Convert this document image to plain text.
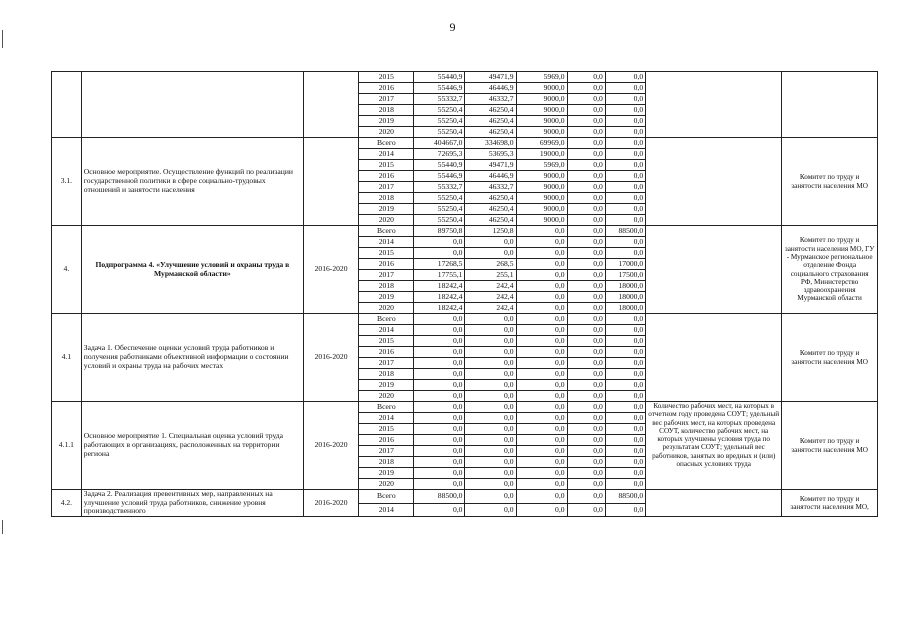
9
			2015	55440,9	49471,9	5969,0	0,0	0,0		
			2016	55446,9	46446,9	9000,0	0,0	0,0		
			2017	55332,7	46332,7	9000,0	0,0	0,0		
			2018	55250,4	46250,4	9000,0	0,0	0,0		
			2019	55250,4	46250,4	9000,0	0,0	0,0		
			2020	55250,4	46250,4	9000,0	0,0	0,0		
3.1.	Основное мероприятие. Осуществление функций по реализации государственной политики в сфере социально-трудовых отношений и занятости населения		Всего	404667,0	334698,0	69969,0	0,0	0,0		Комитет по труду и занятости населения МО
			2014	72695,3	53695,3	19000,0	0,0	0,0		
			2015	55440,9	49471,9	5969,0	0,0	0,0		
			2016	55446,9	46446,9	9000,0	0,0	0,0		
			2017	55332,7	46332,7	9000,0	0,0	0,0		
			2018	55250,4	46250,4	9000,0	0,0	0,0		
			2019	55250,4	46250,4	9000,0	0,0	0,0		
			2020	55250,4	46250,4	9000,0	0,0	0,0		
4.	Подпрограмма 4. «Улучшение условий и охраны труда в Мурманской области»	2016-2020	Всего	89750,8	1250,8	0,0	0,0	88500,0		Комитет по труду и занятости населения МО, ГУ - Мурманское региональное отделение Фонда социального страхования РФ, Министерство здравоохранения Мурманской области
			2014	0,0	0,0	0,0	0,0	0,0		
			2015	0,0	0,0	0,0	0,0	0,0		
			2016	17268,5	268,5	0,0	0,0	17000,0		
			2017	17755,1	255,1	0,0	0,0	17500,0		
			2018	18242,4	242,4	0,0	0,0	18000,0		
			2019	18242,4	242,4	0,0	0,0	18000,0		
			2020	18242,4	242,4	0,0	0,0	18000,0		
4.1	Задача 1. Обеспечение оценки условий труда работников и получения работниками объективной информации о состоянии условий и охраны труда на рабочих местах	2016-2020	Всего	0,0	0,0	0,0	0,0	0,0		Комитет по труду и занятости населения МО
			2014	0,0	0,0	0,0	0,0	0,0		
			2015	0,0	0,0	0,0	0,0	0,0		
			2016	0,0	0,0	0,0	0,0	0,0		
			2017	0,0	0,0	0,0	0,0	0,0		
			2018	0,0	0,0	0,0	0,0	0,0		
			2019	0,0	0,0	0,0	0,0	0,0		
			2020	0,0	0,0	0,0	0,0	0,0		
4.1.1	Основное мероприятие 1. Специальная оценка условий труда работающих в организациях, расположенных на территории региона	2016-2020	Всего	0,0	0,0	0,0	0,0	0,0	Количество рабочих мест, на которых в отчетном году проведена СОУТ; удельный вес рабочих мест, на которых проведена СОУТ, количество рабочих мест, на которых улучшены условия труда по результатам СОУТ; удельный вес работников, занятых во вредных и (или) опасных условиях труда	Комитет по труду и занятости населения МО
			2014	0,0	0,0	0,0	0,0	0,0		
			2015	0,0	0,0	0,0	0,0	0,0		
			2016	0,0	0,0	0,0	0,0	0,0		
			2017	0,0	0,0	0,0	0,0	0,0		
			2018	0,0	0,0	0,0	0,0	0,0		
			2019	0,0	0,0	0,0	0,0	0,0		
			2020	0,0	0,0	0,0	0,0	0,0		
4.2.	Задача 2. Реализация превентивных мер, направленных на улучшение условий труда работников, снижение уровня производственного	2016-2020	Всего	88500,0	0,0	0,0	0,0	88500,0		Комитет по труду и занятости населения МО,
			2014	0,0	0,0	0,0	0,0	0,0		
